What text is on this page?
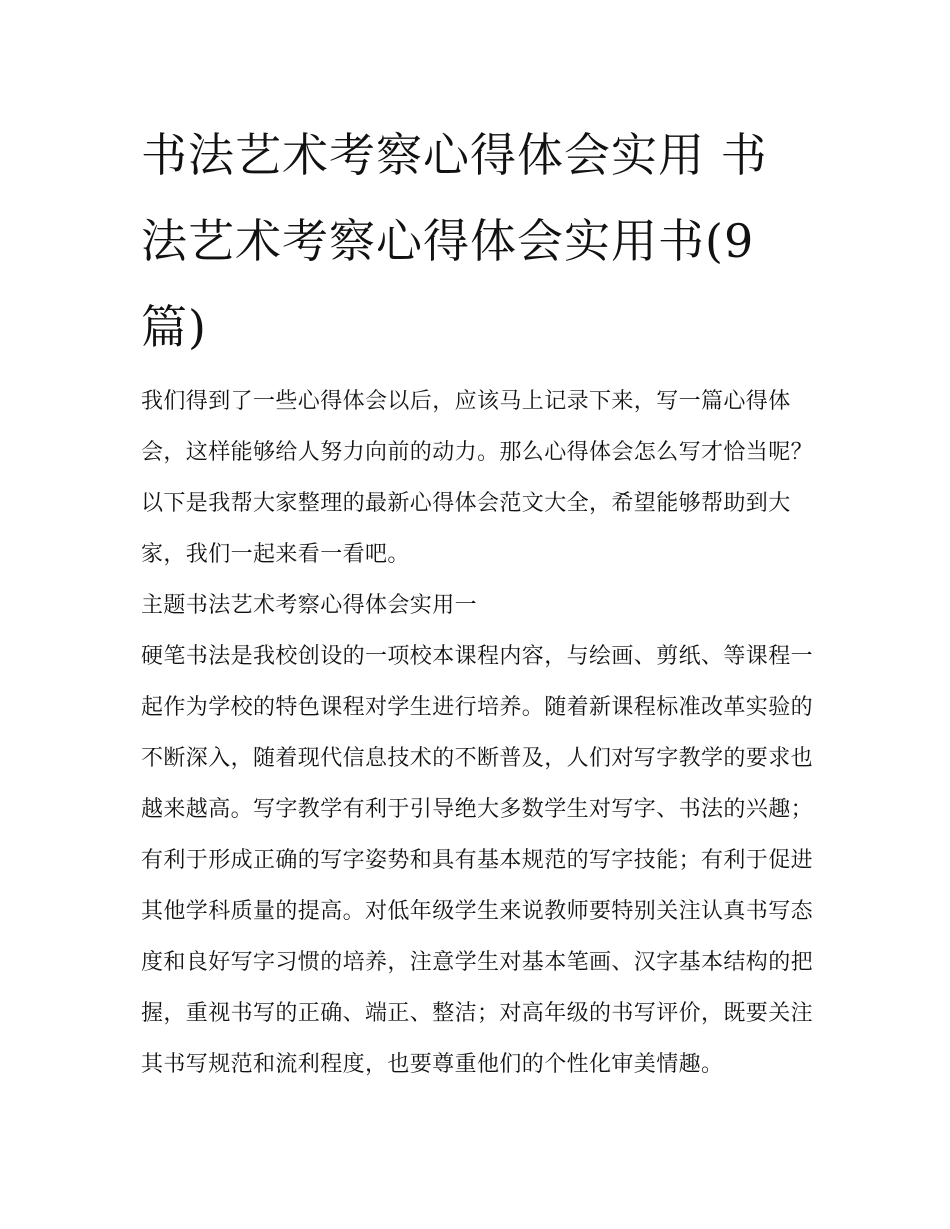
书法艺术考察心得体会实用 书法艺术考察心得体会实用书(9篇)

我们得到了一些心得体会以后，应该马上记录下来，写一篇心得体会，这样能够给人努力向前的动力。那么心得体会怎么写才恰当呢？以下是我帮大家整理的最新心得体会范文大全，希望能够帮助到大家，我们一起来看一看吧。

主题书法艺术考察心得体会实用一

硬笔书法是我校创设的一项校本课程内容，与绘画、剪纸、等课程一起作为学校的特色课程对学生进行培养。随着新课程标准改革实验的不断深入，随着现代信息技术的不断普及，人们对写字教学的要求也越来越高。写字教学有利于引导绝大多数学生对写字、书法的兴趣；有利于形成正确的写字姿势和具有基本规范的写字技能；有利于促进其他学科质量的提高。对低年级学生来说教师要特别关注认真书写态度和良好写字习惯的培养，注意学生对基本笔画、汉字基本结构的把握，重视书写的正确、端正、整洁；对高年级的书写评价，既要关注其书写规范和流利程度，也要尊重他们的个性化审美情趣。
